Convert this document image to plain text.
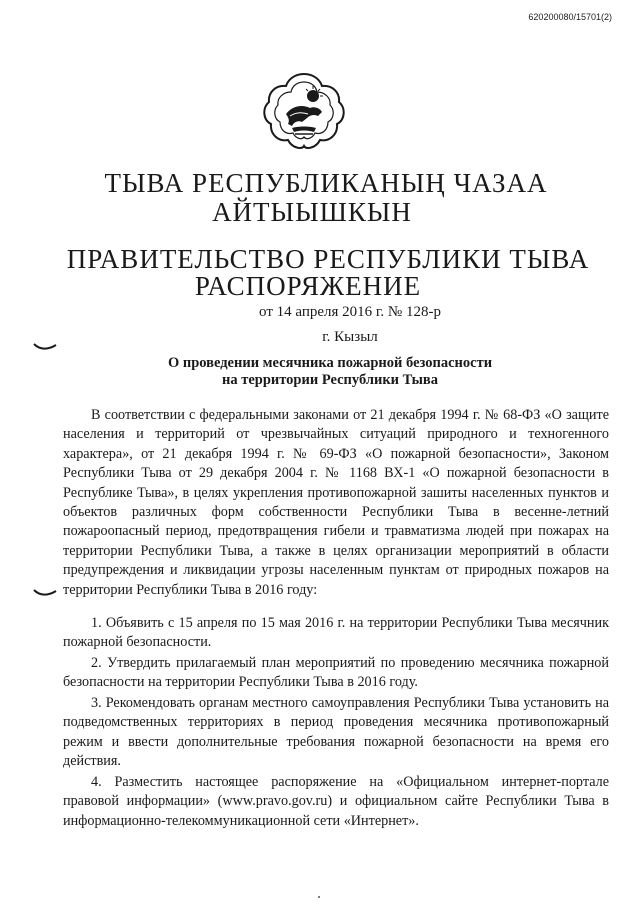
620200080/15701(2)
ТЫВА РЕСПУБЛИКАНЫҢ ЧАЗАА
АЙТЫЫШКЫН
ПРАВИТЕЛЬСТВО РЕСПУБЛИКИ ТЫВА
РАСПОРЯЖЕНИЕ
от 14 апреля 2016 г. № 128-р
г. Кызыл
О проведении месячника пожарной безопасности
на территории Республики Тыва
В соответствии с федеральными законами от 21 декабря 1994 г. № 68-ФЗ «О защите населения и территорий от чрезвычайных ситуаций природного и техногенного характера», от 21 декабря 1994 г. № 69-ФЗ «О пожарной безопасности», Законом Республики Тыва от 29 декабря 2004 г. № 1168 ВХ-1 «О пожарной безопасности в Республике Тыва», в целях укрепления противопожарной зашиты населенных пунктов и объектов различных форм собственности Республики Тыва в весенне-летний пожароопасный период, предотвращения гибели и травматизма людей при пожарах на территории Республики Тыва, а также в целях организации мероприятий в области предупреждения и ликвидации угрозы населенным пунктам от природных пожаров на территории Республики Тыва в 2016 году:
1. Объявить с 15 апреля по 15 мая 2016 г. на территории Республики Тыва месячник пожарной безопасности.
2. Утвердить прилагаемый план мероприятий по проведению месячника пожарной безопасности на территории Республики Тыва в 2016 году.
3. Рекомендовать органам местного самоуправления Республики Тыва установить на подведомственных территориях в период проведения месячника противопожарный режим и ввести дополнительные требования пожарной безопасности на время его действия.
4. Разместить настоящее распоряжение на «Официальном интернет-портале правовой информации» (www.pravo.gov.ru) и официальном сайте Республики Тыва в информационно-телекоммуникационной сети «Интернет».
